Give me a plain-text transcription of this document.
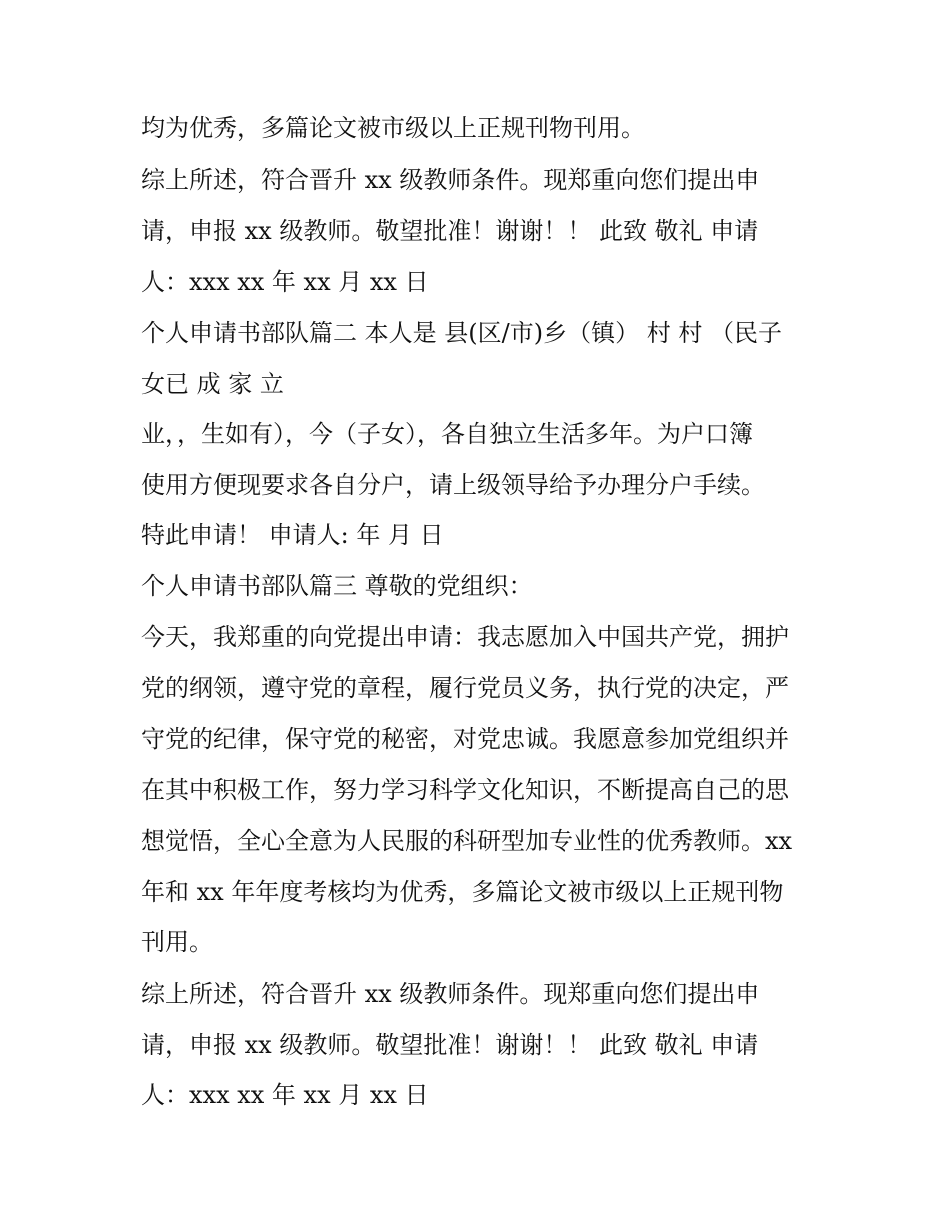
均为优秀，多篇论文被市级以上正规刊物刊用。
综上所述，符合晋升 xx 级教师条件。现郑重向您们提出申
请，申报 xx 级教师。敬望批准！谢谢！！ 此致 敬礼 申请
人：xxx xx 年 xx 月 xx 日
个人申请书部队篇二 本人是 县(区/市)乡（镇） 村 村 （民子
女已 成 家 立
业，，生如有），今（子女），各自独立生活多年。为户口簿
使用方便现要求各自分户，请上级领导给予办理分户手续。
特此申请！ 申请人: 年 月 日
个人申请书部队篇三 尊敬的党组织：
今天，我郑重的向党提出申请：我志愿加入中国共产党，拥护
党的纲领，遵守党的章程，履行党员义务，执行党的决定，严
守党的纪律，保守党的秘密，对党忠诚。我愿意参加党组织并
在其中积极工作，努力学习科学文化知识，不断提高自己的思
想觉悟，全心全意为人民服的科研型加专业性的优秀教师。xx
年和 xx 年年度考核均为优秀，多篇论文被市级以上正规刊物
刊用。
综上所述，符合晋升 xx 级教师条件。现郑重向您们提出申
请，申报 xx 级教师。敬望批准！谢谢！！ 此致 敬礼 申请
人：xxx xx 年 xx 月 xx 日
